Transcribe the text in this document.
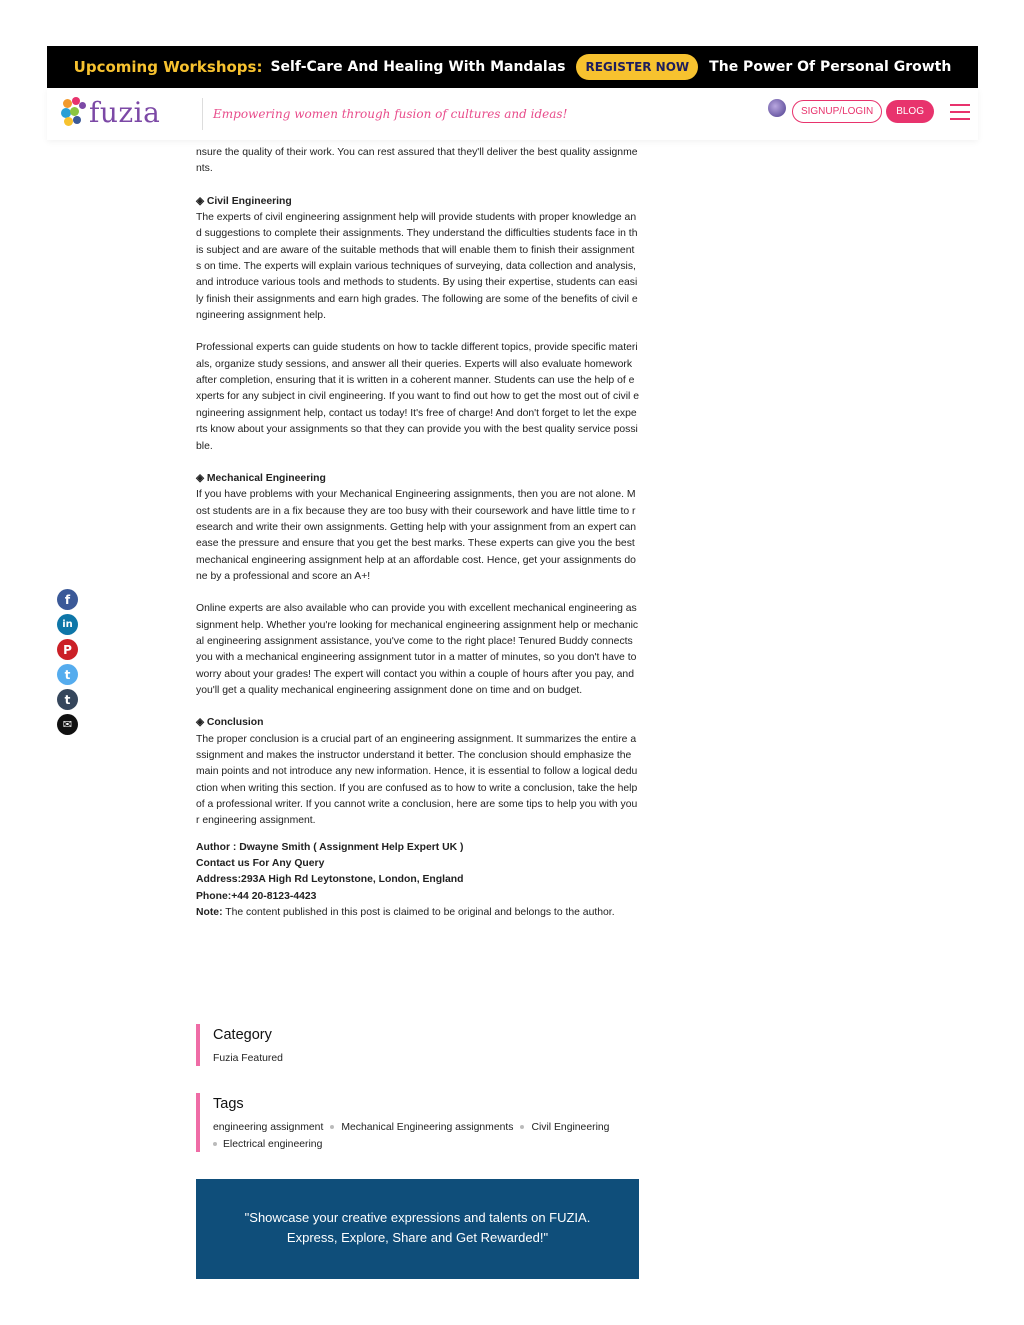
Upcoming Workshops: Self-Care And Healing With Mandalas	REGISTER NOW	The Power Of Personal Growth
fuzia	Empowering women through fusion of cultures and ideas!	SIGNUP/LOGIN	BLOG

nsure the quality of their work. You can rest assured that they'll deliver the best quality assignments.

◈ Civil Engineering

The experts of civil engineering assignment help will provide students with proper knowledge and suggestions to complete their assignments. They understand the difficulties students face in this subject and are aware of the suitable methods that will enable them to finish their assignments on time. The experts will explain various techniques of surveying, data collection and analysis, and introduce various tools and methods to students. By using their expertise, students can easily finish their assignments and earn high grades. The following are some of the benefits of civil engineering assignment help.

Professional experts can guide students on how to tackle different topics, provide specific materials, organize study sessions, and answer all their queries. Experts will also evaluate homework after completion, ensuring that it is written in a coherent manner. Students can use the help of experts for any subject in civil engineering. If you want to find out how to get the most out of civil engineering assignment help, contact us today! It's free of charge! And don't forget to let the experts know about your assignments so that they can provide you with the best quality service possible.

◈ Mechanical Engineering

If you have problems with your Mechanical Engineering assignments, then you are not alone. Most students are in a fix because they are too busy with their coursework and have little time to research and write their own assignments. Getting help with your assignment from an expert can ease the pressure and ensure that you get the best marks. These experts can give you the best mechanical engineering assignment help at an affordable cost. Hence, get your assignments done by a professional and score an A+!

Online experts are also available who can provide you with excellent mechanical engineering assignment help. Whether you're looking for mechanical engineering assignment help or mechanical engineering assignment assistance, you've come to the right place! Tenured Buddy connects you with a mechanical engineering assignment tutor in a matter of minutes, so you don't have to worry about your grades! The expert will contact you within a couple of hours after you pay, and you'll get a quality mechanical engineering assignment done on time and on budget.

◈ Conclusion

The proper conclusion is a crucial part of an engineering assignment. It summarizes the entire assignment and makes the instructor understand it better. The conclusion should emphasize the main points and not introduce any new information. Hence, it is essential to follow a logical deduction when writing this section. If you are confused as to how to write a conclusion, take the help of a professional writer. If you cannot write a conclusion, here are some tips to help you with your engineering assignment.

Author : Dwayne Smith ( Assignment Help Expert UK )

Contact us For Any Query

Address:293A High Rd Leytonstone, London, England

Phone:+44 20-8123-4423

Note: The content published in this post is claimed to be original and belongs to the author.

f
in
P
t
t
✉
Category
Fuzia Featured
Tags
engineering assignment Mechanical Engineering assignments Civil Engineering
Electrical engineering
"Showcase your creative expressions and talents on FUZIA.
Express, Explore, Share and Get Rewarded!"
